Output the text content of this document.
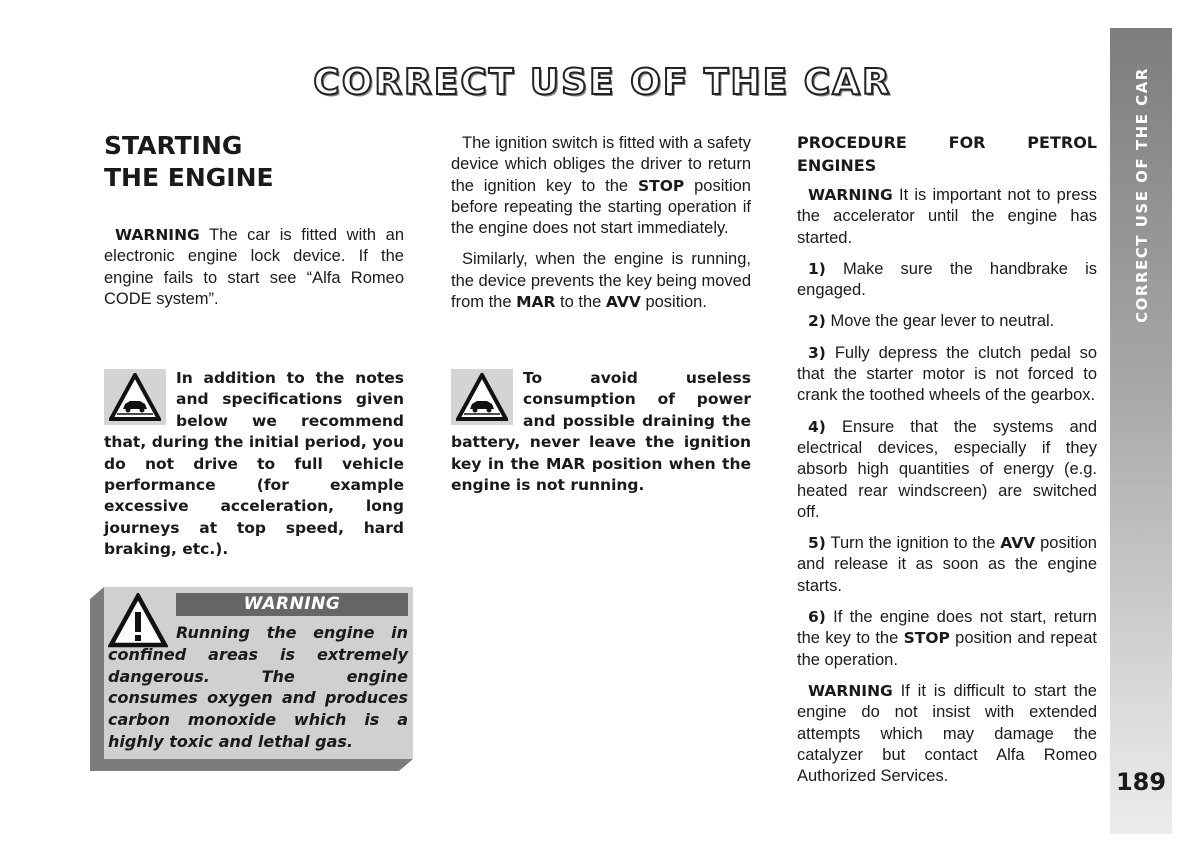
CORRECT USE OF THE CAR	CORRECT USE OF THE CAR
189
STARTING
THE ENGINE

WARNING The car is fitted with an electronic engine lock device. If the engine fails to start see “Alfa Romeo CODE system”.

In addition to the notes and specifications given below we recommend that, during the initial period, you do not drive to full vehicle performance (for example excessive acceleration, long journeys at top speed, hard braking, etc.).
WARNING
Running the engine in confined areas is extremely dangerous. The engine consumes oxygen and produces carbon monoxide which is a highly toxic and lethal gas.

The ignition switch is fitted with a safety device which obliges the driver to return the ignition key to the STOP position before repeating the starting operation if the engine does not start immediately.

Similarly, when the engine is running, the device prevents the key being moved from the MAR to the AVV position.

To avoid useless consumption of power and possible draining the battery, never leave the ignition key in the MAR position when the engine is not running.
PROCEDURE FOR PETROL ENGINES

WARNING It is important not to press the accelerator until the engine has started.

1) Make sure the handbrake is engaged.

2) Move the gear lever to neutral.

3) Fully depress the clutch pedal so that the starter motor is not forced to crank the toothed wheels of the gearbox.

4) Ensure that the systems and electrical devices, especially if they absorb high quantities of energy (e.g. heated rear windscreen) are switched off.

5) Turn the ignition to the AVV position and release it as soon as the engine starts.

6) If the engine does not start, return the key to the STOP position and repeat the operation.

WARNING If it is difficult to start the engine do not insist with extended attempts which may damage the catalyzer but contact Alfa Romeo Authorized Services.
